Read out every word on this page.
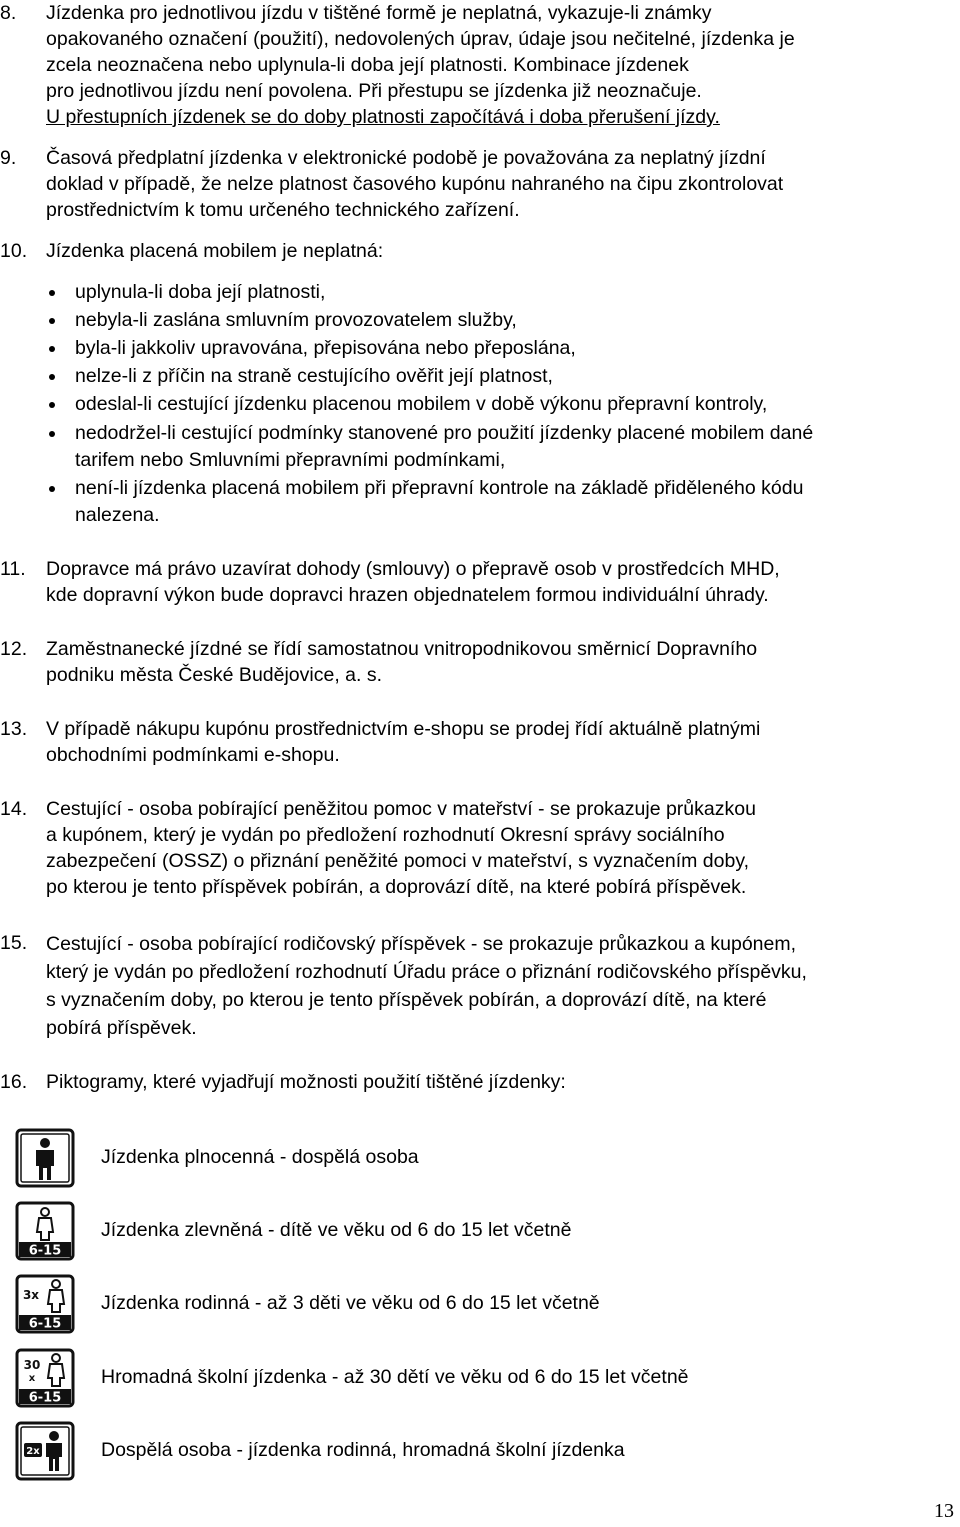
8.	Jízdenka pro jednotlivou jízdu v tištěné formě je neplatná, vykazuje-li známky
opakovaného označení (použití), nedovolených úprav, údaje jsou nečitelné, jízdenka je
zcela neoznačena nebo uplynula-li doba její platnosti. Kombinace jízdenek
pro jednotlivou jízdu není povolena. Při přestupu se jízdenka již neoznačuje.
U přestupních jízdenek se do doby platnosti započítává i doba přerušení jízdy.
9.	Časová předplatní jízdenka v elektronické podobě je považována za neplatný jízdní
doklad v případě, že nelze platnost časového kupónu nahraného na čipu zkontrolovat
prostřednictvím k tomu určeného technického zařízení.
10. Jízdenka placená mobilem je neplatná:
uplynula-li doba její platnosti,
nebyla-li zaslána smluvním provozovatelem služby,
byla-li jakkoliv upravována, přepisována nebo přeposlána,
nelze-li z příčin na straně cestujícího ověřit její platnost,
odeslal-li cestující jízdenku placenou mobilem v době výkonu přepravní kontroly,
nedodržel-li cestující podmínky stanovené pro použití jízdenky placené mobilem dané
tarifem nebo Smluvními přepravními podmínkami,
není-li jízdenka placená mobilem při přepravní kontrole na základě přiděleného kódu
nalezena.
11.	Dopravce má právo uzavírat dohody (smlouvy) o přepravě osob v prostředcích MHD,
kde dopravní výkon bude dopravci hrazen objednatelem formou individuální úhrady.
12. Zaměstnanecké jízdné se řídí samostatnou vnitropodnikovou směrnicí Dopravního
podniku města České Budějovice, a. s.
13. V případě nákupu kupónu prostřednictvím e-shopu se prodej řídí aktuálně platnými
obchodními podmínkami e-shopu.
14. Cestující - osoba pobírající peněžitou pomoc v mateřství - se prokazuje průkazkou
a kupónem, který je vydán po předložení rozhodnutí Okresní správy sociálního
zabezpečení (OSSZ) o přiznání peněžité pomoci v mateřství, s vyznačením doby,
po kterou je tento příspěvek pobírán, a doprovází dítě, na které pobírá příspěvek.
15. Cestující - osoba pobírající rodičovský příspěvek - se prokazuje průkazkou a kupónem,
který je vydán po předložení rozhodnutí Úřadu práce o přiznání rodičovského příspěvku,
s vyznačením doby, po kterou je tento příspěvek pobírán, a doprovází dítě, na které
pobírá příspěvek.
16. Piktogramy, které vyjadřují možnosti použití tištěné jízdenky:
Jízdenka plnocenná - dospělá osoba
6-15
Jízdenka zlevněná - dítě ve věku od 6 do 15 let včetně
3x
6-15
Jízdenka rodinná - až 3 děti ve věku od 6 do 15 let včetně
30
x
6-15
Hromadná školní jízdenka - až 30 dětí ve věku od 6 do 15 let včetně
2x	Dospělá osoba - jízdenka rodinná, hromadná školní jízdenka
13
